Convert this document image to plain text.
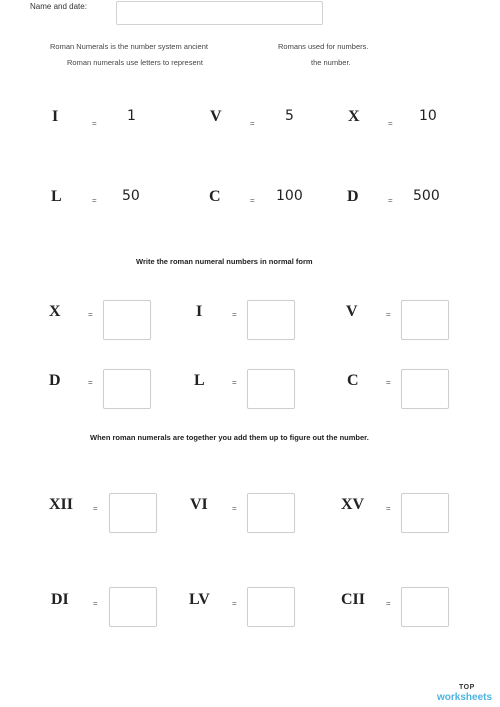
Name and date:
Roman Numerals is the number system ancient	Romans used for numbers.
Roman numerals use letters to represent	the number.
I	= 1	V	= 5	X	= 10
L	= 50	C	= 100	D	= 500
Write the roman numeral numbers in normal form
X	=	I	=	V	=
D	=	L	=	C	=
When roman numerals are together you add them up to figure out the number.
XII =	VI	=	XV	=
DI	=	LV	=	CII	=
TOP
worksheets
